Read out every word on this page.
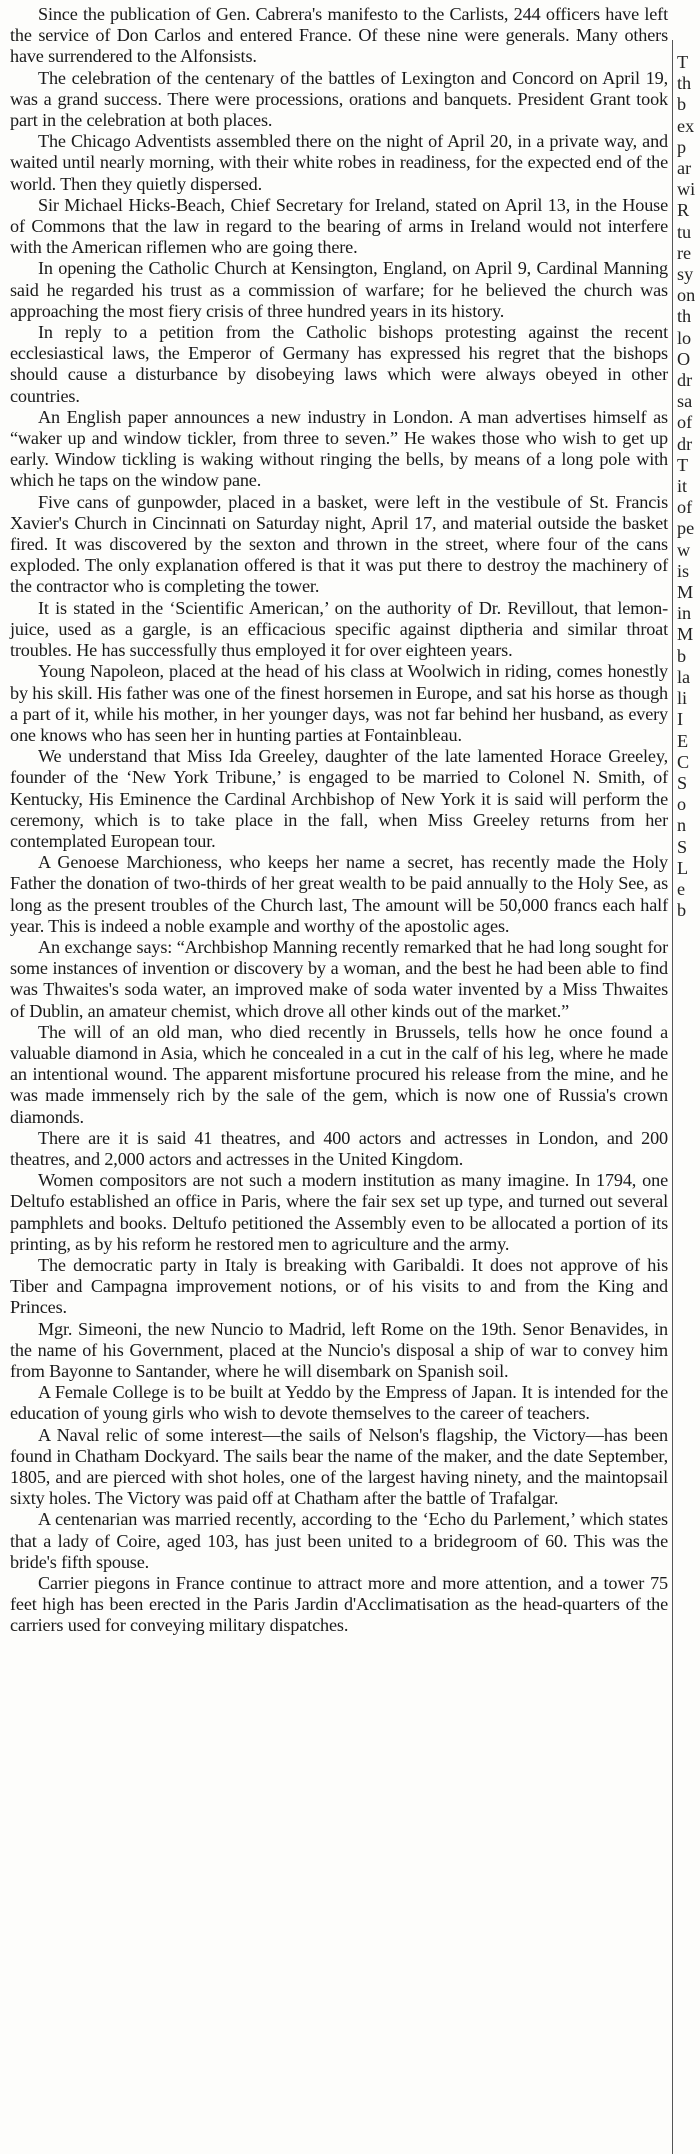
Since the publication of Gen. Cabrera's manifesto to the Carlists, 244 officers have left the service of Don Carlos and entered France. Of these nine were generals. Many others have surrendered to the Alfonsists.

The celebration of the centenary of the battles of Lexington and Concord on April 19, was a grand success. There were processions, orations and banquets. President Grant took part in the celebration at both places.

The Chicago Adventists assembled there on the night of April 20, in a private way, and waited until nearly morning, with their white robes in readiness, for the expected end of the world. Then they quietly dispersed.

Sir Michael Hicks-Beach, Chief Secretary for Ireland, stated on April 13, in the House of Commons that the law in regard to the bearing of arms in Ireland would not interfere with the American riflemen who are going there.

In opening the Catholic Church at Kensington, England, on April 9, Cardinal Manning said he regarded his trust as a commission of warfare; for he believed the church was approaching the most fiery crisis of three hundred years in its history.

In reply to a petition from the Catholic bishops protesting against the recent ecclesiastical laws, the Emperor of Germany has expressed his regret that the bishops should cause a disturbance by disobeying laws which were always obeyed in other countries.

An English paper announces a new industry in London. A man advertises himself as “waker up and window tickler, from three to seven.” He wakes those who wish to get up early. Window tickling is waking without ringing the bells, by means of a long pole with which he taps on the window pane.

Five cans of gunpowder, placed in a basket, were left in the vestibule of St. Francis Xavier's Church in Cincinnati on Saturday night, April 17, and material outside the basket fired. It was discovered by the sexton and thrown in the street, where four of the cans exploded. The only explanation offered is that it was put there to destroy the machinery of the contractor who is completing the tower.

It is stated in the ‘Scientific American,’ on the authority of Dr. Revillout, that lemon-juice, used as a gargle, is an efficacious specific against diptheria and similar throat troubles. He has successfully thus employed it for over eighteen years.

Young Napoleon, placed at the head of his class at Woolwich in riding, comes honestly by his skill. His father was one of the finest horsemen in Europe, and sat his horse as though a part of it, while his mother, in her younger days, was not far behind her husband, as every one knows who has seen her in hunting parties at Fontainbleau.

We understand that Miss Ida Greeley, daughter of the late lamented Horace Greeley, founder of the ‘New York Tribune,’ is engaged to be married to Colonel N. Smith, of Kentucky, His Eminence the Cardinal Archbishop of New York it is said will perform the ceremony, which is to take place in the fall, when Miss Greeley returns from her contemplated European tour.

A Genoese Marchioness, who keeps her name a secret, has recently made the Holy Father the donation of two-thirds of her great wealth to be paid annually to the Holy See, as long as the present troubles of the Church last, The amount will be 50,000 francs each half year. This is indeed a noble example and worthy of the apostolic ages.

An exchange says: “Archbishop Manning recently remarked that he had long sought for some instances of invention or discovery by a woman, and the best he had been able to find was Thwaites's soda water, an improved make of soda water invented by a Miss Thwaites of Dublin, an amateur chemist, which drove all other kinds out of the market.”

The will of an old man, who died recently in Brussels, tells how he once found a valuable diamond in Asia, which he concealed in a cut in the calf of his leg, where he made an intentional wound. The apparent misfortune procured his release from the mine, and he was made immensely rich by the sale of the gem, which is now one of Russia's crown diamonds.

There are it is said 41 theatres, and 400 actors and actresses in London, and 200 theatres, and 2,000 actors and actresses in the United Kingdom.

Women compositors are not such a modern institution as many imagine. In 1794, one Deltufo established an office in Paris, where the fair sex set up type, and turned out several pamphlets and books. Deltufo petitioned the Assembly even to be allocated a portion of its printing, as by his reform he restored men to agriculture and the army.

The democratic party in Italy is breaking with Garibaldi. It does not approve of his Tiber and Campagna improvement notions, or of his visits to and from the King and Princes.

Mgr. Simeoni, the new Nuncio to Madrid, left Rome on the 19th. Senor Benavides, in the name of his Government, placed at the Nuncio's disposal a ship of war to convey him from Bayonne to Santander, where he will disembark on Spanish soil.

A Female College is to be built at Yeddo by the Empress of Japan. It is intended for the education of young girls who wish to devote themselves to the career of teachers.

A Naval relic of some interest—the sails of Nelson's flagship, the Victory—has been found in Chatham Dockyard. The sails bear the name of the maker, and the date September, 1805, and are pierced with shot holes, one of the largest having ninety, and the maintopsail sixty holes. The Victory was paid off at Chatham after the battle of Trafalgar.

A centenarian was married recently, according to the ‘Echo du Parlement,’ which states that a lady of Coire, aged 103, has just been united to a bridegroom of 60. This was the bride's fifth spouse.

Carrier piegons in France continue to attract more and more attention, and a tower 75 feet high has been erected in the Paris Jardin d'Acclimatisation as the head-quarters of the carriers used for conveying military dispatches.

T
th
b
ex
p
ar
wi
R
tu
re
sy
on
th
lo
O
dr
sa
of
dr
T
it
of
pe
w
is
M
in
M
b
la
li
I
E
C
S
o
n
S
L
e
b
